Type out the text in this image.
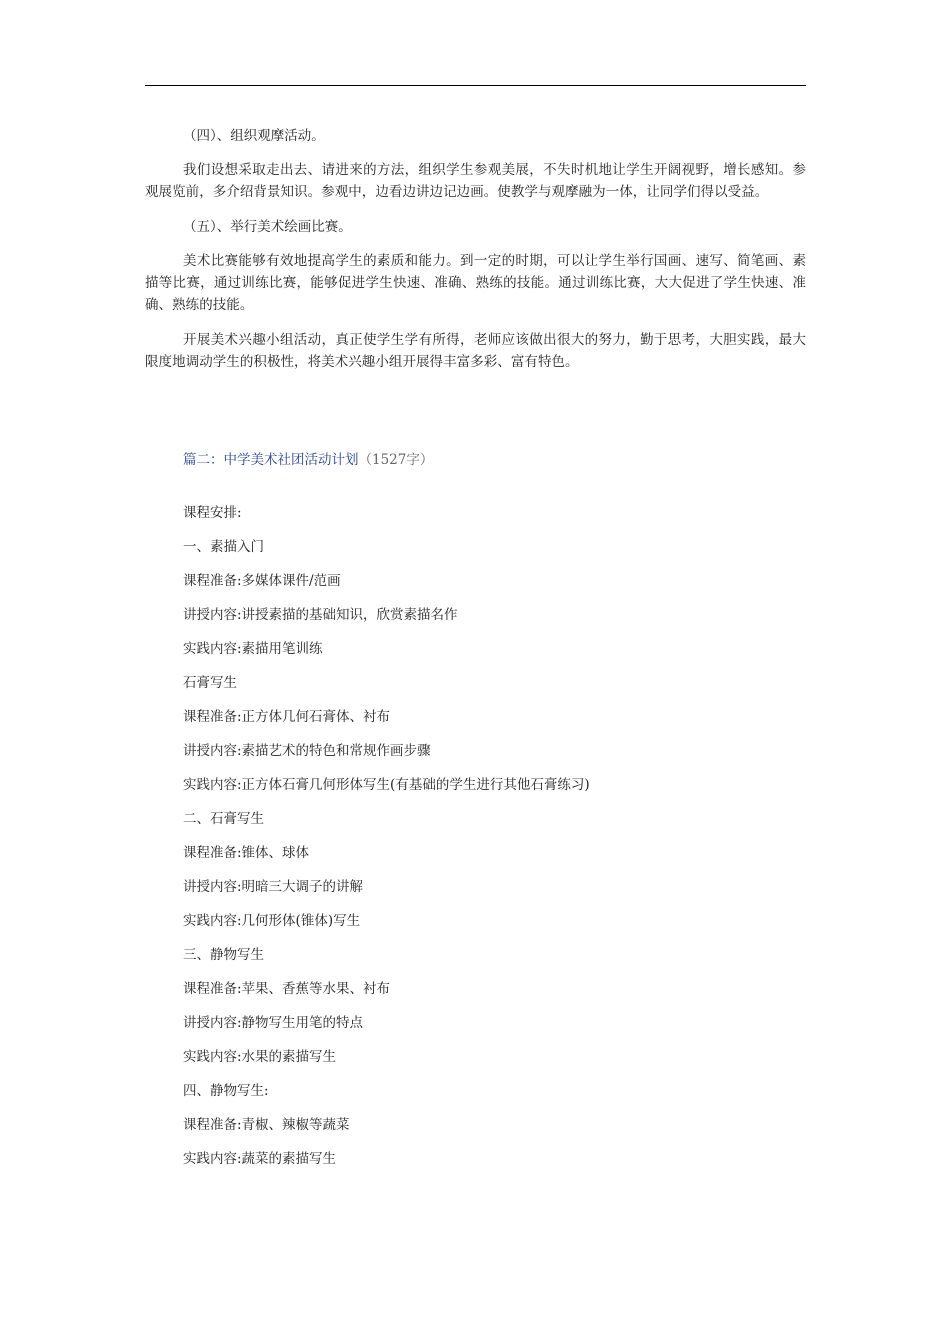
（四）、组织观摩活动。

我们设想采取走出去、请进来的方法，组织学生参观美展，不失时机地让学生开阔视野，增长感知。参观展览前，多介绍背景知识。参观中，边看边讲边记边画。使教学与观摩融为一体，让同学们得以受益。

（五）、举行美术绘画比赛。

美术比赛能够有效地提高学生的素质和能力。到一定的时期，可以让学生举行国画、速写、简笔画、素描等比赛，通过训练比赛，能够促进学生快速、准确、熟练的技能。通过训练比赛，大大促进了学生快速、准确、熟练的技能。

开展美术兴趣小组活动，真正使学生学有所得，老师应该做出很大的努力，勤于思考，大胆实践，最大限度地调动学生的积极性，将美术兴趣小组开展得丰富多彩、富有特色。

篇二：中学美术社团活动计划（1527字）
课程安排:
一、素描入门
课程准备:多媒体课件/范画
讲授内容:讲授素描的基础知识，欣赏素描名作
实践内容:素描用笔训练
石膏写生
课程准备:正方体几何石膏体、衬布
讲授内容:素描艺术的特色和常规作画步骤
实践内容:正方体石膏几何形体写生(有基础的学生进行其他石膏练习)
二、石膏写生
课程准备:锥体、球体
讲授内容:明暗三大调子的讲解
实践内容:几何形体(锥体)写生
三、静物写生
课程准备:苹果、香蕉等水果、衬布
讲授内容:静物写生用笔的特点
实践内容:水果的素描写生
四、静物写生:
课程准备:青椒、辣椒等蔬菜
实践内容:蔬菜的素描写生
